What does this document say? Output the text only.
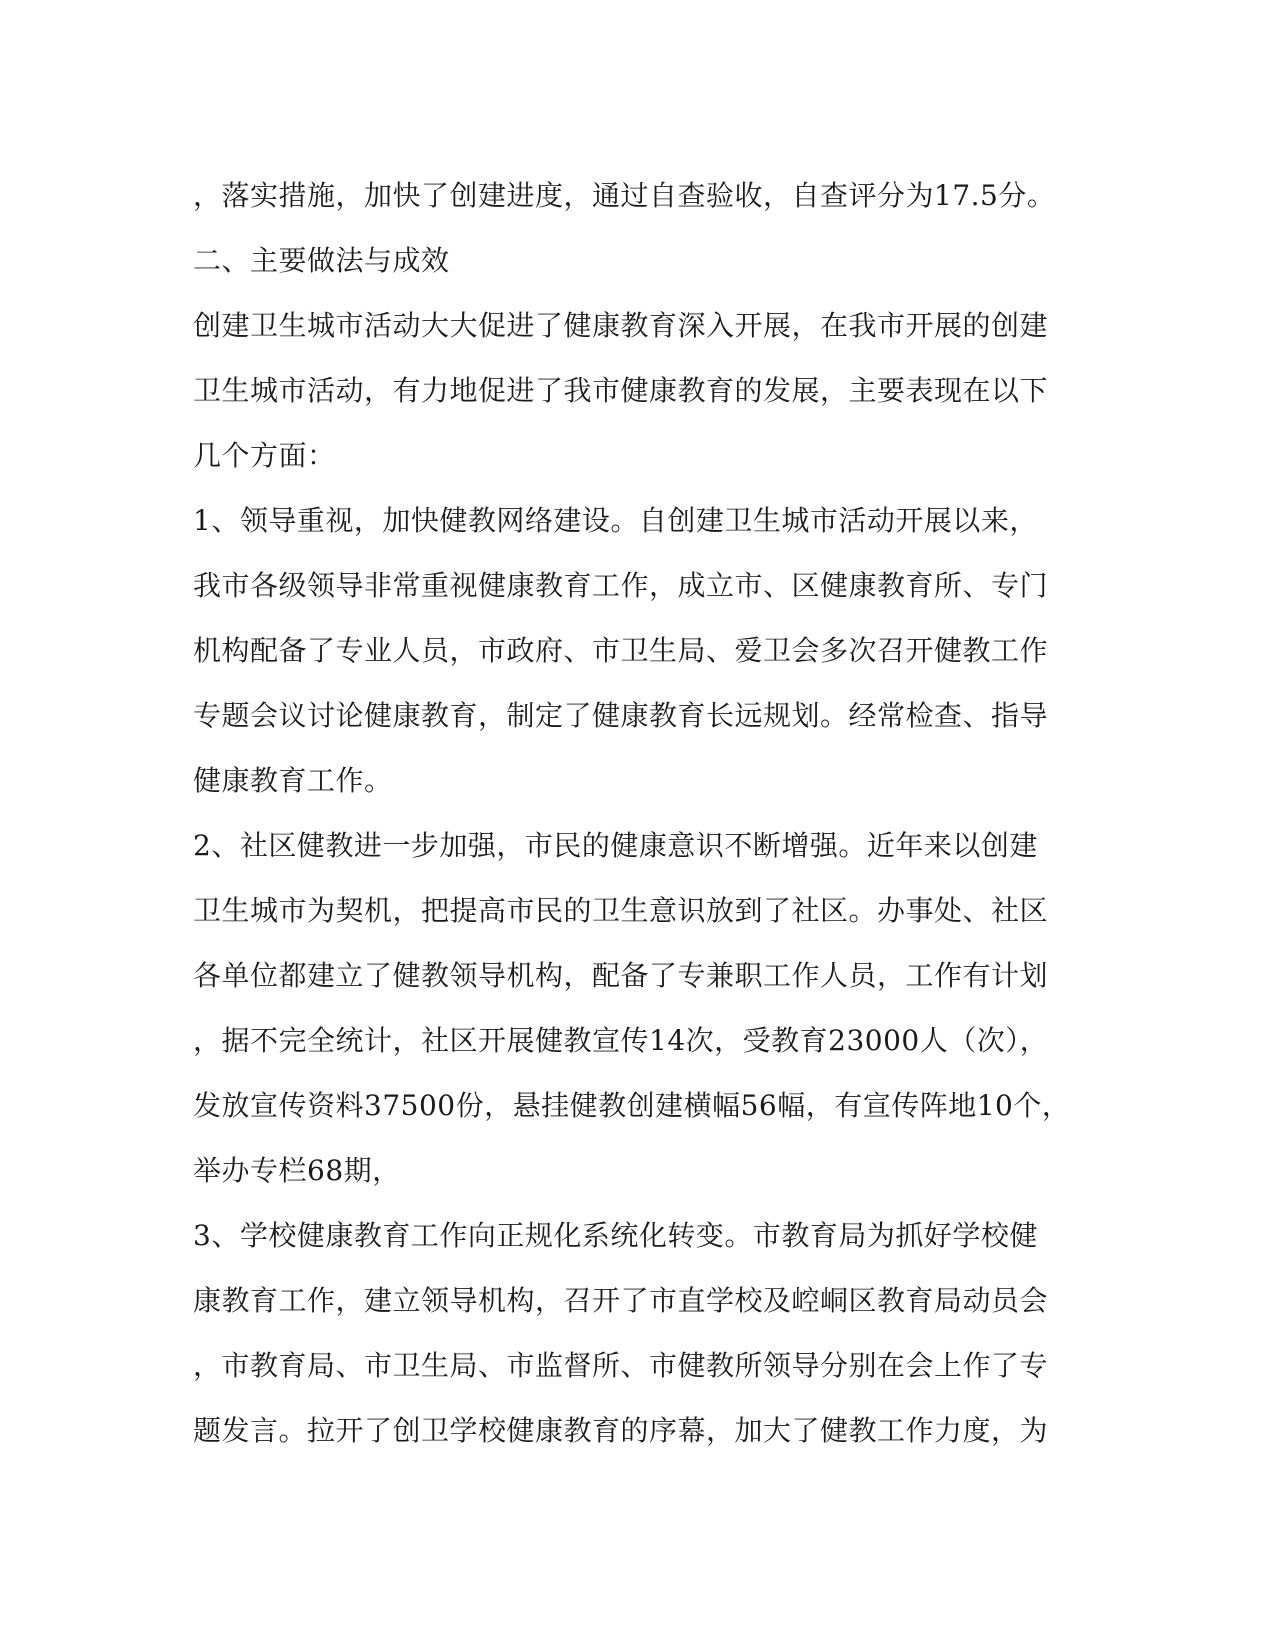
，落实措施，加快了创建进度，通过自查验收，自查评分为17.5分。
二、主要做法与成效
创建卫生城市活动大大促进了健康教育深入开展，在我市开展的创建
卫生城市活动，有力地促进了我市健康教育的发展，主要表现在以下
几个方面：
1、领导重视，加快健教网络建设。自创建卫生城市活动开展以来，
我市各级领导非常重视健康教育工作，成立市、区健康教育所、专门
机构配备了专业人员，市政府、市卫生局、爱卫会多次召开健教工作
专题会议讨论健康教育，制定了健康教育长远规划。经常检查、指导
健康教育工作。
2、社区健教进一步加强，市民的健康意识不断增强。近年来以创建
卫生城市为契机，把提高市民的卫生意识放到了社区。办事处、社区
各单位都建立了健教领导机构，配备了专兼职工作人员，工作有计划
，据不完全统计，社区开展健教宣传14次，受教育23000人（次），
发放宣传资料37500份，悬挂健教创建横幅56幅，有宣传阵地10个，
举办专栏68期，
3、学校健康教育工作向正规化系统化转变。市教育局为抓好学校健
康教育工作，建立领导机构，召开了市直学校及崆峒区教育局动员会
，市教育局、市卫生局、市监督所、市健教所领导分别在会上作了专
题发言。拉开了创卫学校健康教育的序幕，加大了健教工作力度，为
